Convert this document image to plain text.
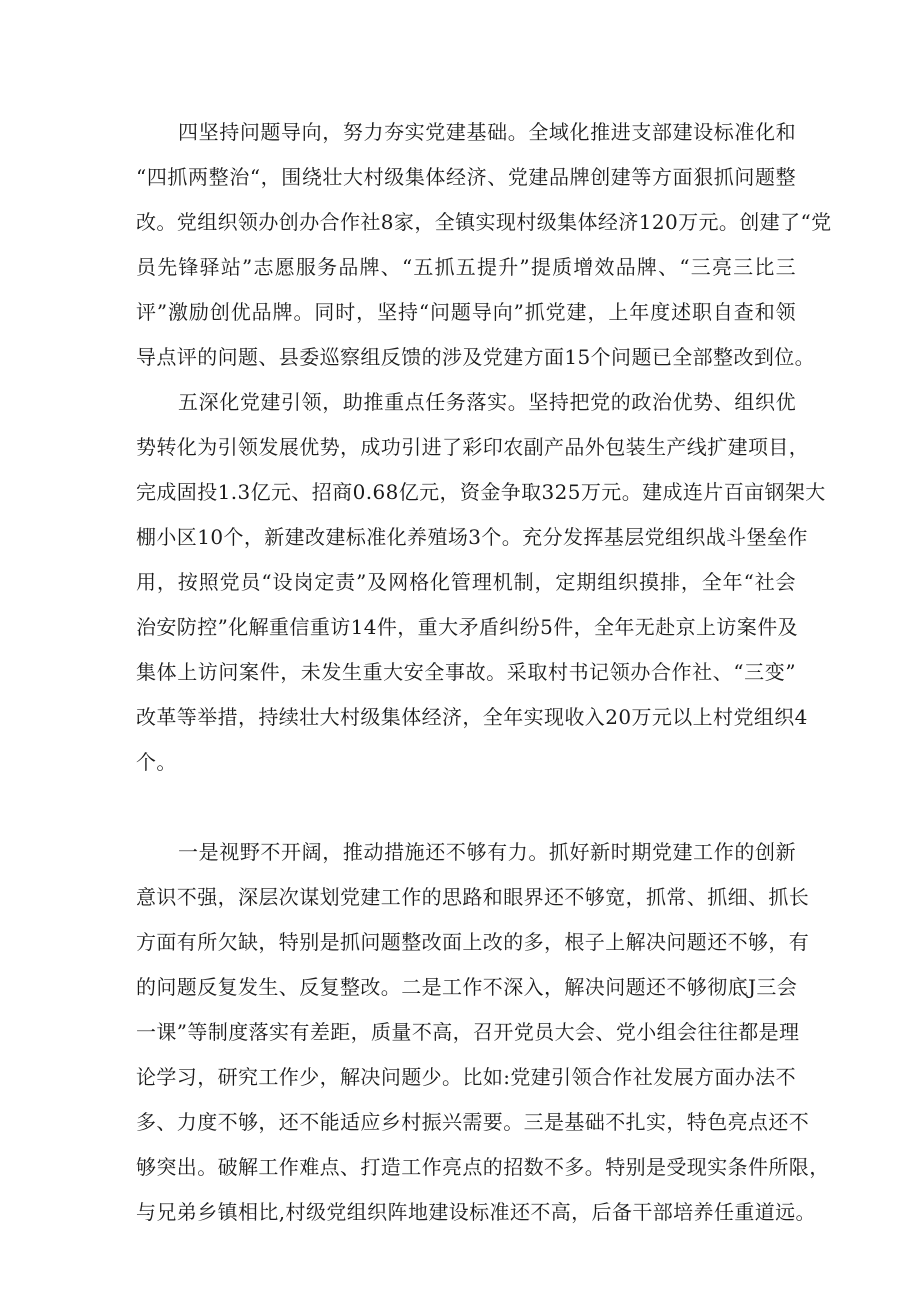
四坚持问题导向，努力夯实党建基础。全域化推进支部建设标准化和
“四抓两整治“，围绕壮大村级集体经济、党建品牌创建等方面狠抓问题整
改。党组织领办创办合作社8家，全镇实现村级集体经济120万元。创建了“党
员先锋驿站”志愿服务品牌、“五抓五提升”提质增效品牌、“三亮三比三
评”激励创优品牌。同时，坚持“问题导向”抓党建，上年度述职自查和领
导点评的问题、县委巡察组反馈的涉及党建方面15个问题已全部整改到位。
五深化党建引领，助推重点任务落实。坚持把党的政治优势、组织优
势转化为引领发展优势，成功引进了彩印农副产品外包装生产线扩建项目，
完成固投1.3亿元、招商0.68亿元，资金争取325万元。建成连片百亩钢架大
棚小区10个，新建改建标准化养殖场3个。充分发挥基层党组织战斗堡垒作
用，按照党员“设岗定责”及网格化管理机制，定期组织摸排，全年“社会
治安防控”化解重信重访14件，重大矛盾纠纷5件，全年无赴京上访案件及
集体上访问案件，未发生重大安全事故。采取村书记领办合作社、“三变”
改革等举措，持续壮大村级集体经济，全年实现收入20万元以上村党组织4
个。
一是视野不开阔，推动措施还不够有力。抓好新时期党建工作的创新
意识不强，深层次谋划党建工作的思路和眼界还不够宽，抓常、抓细、抓长
方面有所欠缺，特别是抓问题整改面上改的多，根子上解决问题还不够，有
的问题反复发生、反复整改。二是工作不深入，解决问题还不够彻底J三会
一课”等制度落实有差距，质量不高，召开党员大会、党小组会往往都是理
论学习，研究工作少，解决问题少。比如:党建引领合作社发展方面办法不
多、力度不够，还不能适应乡村振兴需要。三是基础不扎实，特色亮点还不
够突出。破解工作难点、打造工作亮点的招数不多。特别是受现实条件所限，
与兄弟乡镇相比,村级党组织阵地建设标准还不高，后备干部培养任重道远。
